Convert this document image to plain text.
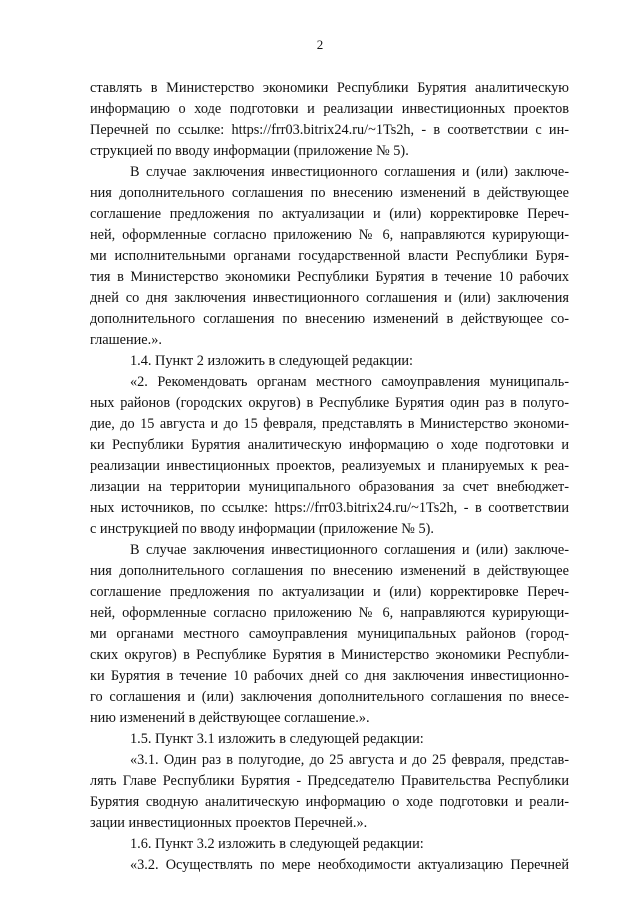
2
ставлять в Министерство экономики Республики Бурятия аналитическую
информацию о ходе подготовки и реализации инвестиционных проектов
Перечней по ссылке: https://frr03.bitrix24.ru/~1Ts2h, - в соответствии с ин-
струкцией по вводу информации (приложение № 5).
В случае заключения инвестиционного соглашения и (или) заключе-
ния дополнительного соглашения по внесению изменений в действующее
соглашение предложения по актуализации и (или) корректировке Переч-
ней, оформленные согласно приложению № 6, направляются курирующи-
ми исполнительными органами государственной власти Республики Буря-
тия в Министерство экономики Республики Бурятия в течение 10 рабочих
дней со дня заключения инвестиционного соглашения и (или) заключения
дополнительного соглашения по внесению изменений в действующее со-
глашение.».
1.4. Пункт 2 изложить в следующей редакции:
«2. Рекомендовать органам местного самоуправления муниципаль-
ных районов (городских округов) в Республике Бурятия один раз в полуго-
дие, до 15 августа и до 15 февраля, представлять в Министерство экономи-
ки Республики Бурятия аналитическую информацию о ходе подготовки и
реализации инвестиционных проектов, реализуемых и планируемых к реа-
лизации на территории муниципального образования за счет внебюджет-
ных источников, по ссылке: https://frr03.bitrix24.ru/~1Ts2h, - в соответствии
с инструкцией по вводу информации (приложение № 5).
В случае заключения инвестиционного соглашения и (или) заключе-
ния дополнительного соглашения по внесению изменений в действующее
соглашение предложения по актуализации и (или) корректировке Переч-
ней, оформленные согласно приложению № 6, направляются курирующи-
ми органами местного самоуправления муниципальных районов (город-
ских округов) в Республике Бурятия в Министерство экономики Республи-
ки Бурятия в течение 10 рабочих дней со дня заключения инвестиционно-
го соглашения и (или) заключения дополнительного соглашения по внесе-
нию изменений в действующее соглашение.».
1.5. Пункт 3.1 изложить в следующей редакции:
«3.1. Один раз в полугодие, до 25 августа и до 25 февраля, представ-
лять Главе Республики Бурятия - Председателю Правительства Республики
Бурятия сводную аналитическую информацию о ходе подготовки и реали-
зации инвестиционных проектов Перечней.».
1.6. Пункт 3.2 изложить в следующей редакции:
«3.2. Осуществлять по мере необходимости актуализацию Перечней
